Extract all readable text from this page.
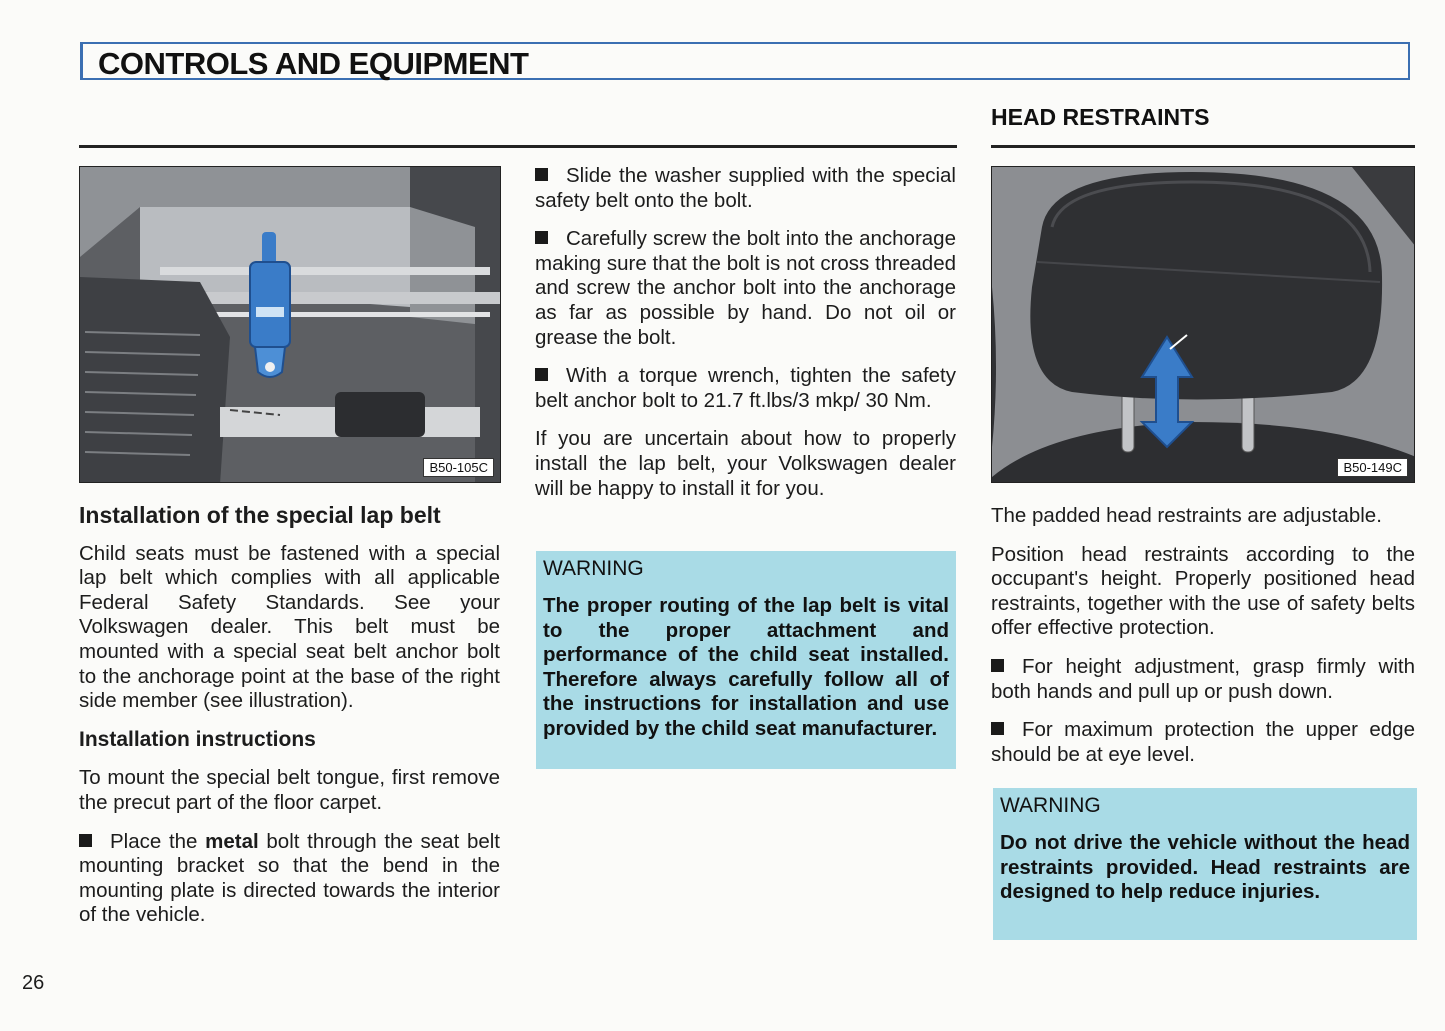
CONTROLS AND EQUIPMENT
HEAD RESTRAINTS
B50-105C	B50-149C

Installation of the special lap belt

Child seats must be fastened with a special lap belt which complies with all applicable Federal Safety Standards. See your Volkswagen dealer. This belt must be mounted with a special seat belt anchor bolt to the anchorage point at the base of the right side member (see illustration).

Installation instructions

To mount the special belt tongue, first remove the precut part of the floor carpet.

Place the metal bolt through the seat belt mounting bracket so that the bend in the mounting plate is directed towards the interior of the vehicle.

Slide the washer supplied with the special safety belt onto the bolt.

Carefully screw the bolt into the anchorage making sure that the bolt is not cross threaded and screw the anchor bolt into the anchorage as far as possible by hand. Do not oil or grease the bolt.

With a torque wrench, tighten the safety belt anchor bolt to 21.7 ft.lbs/3 mkp/ 30 Nm.

If you are uncertain about how to properly install the lap belt, your Volkswagen dealer will be happy to install it for you.

WARNING
The proper routing of the lap belt is vital to the proper attachment and performance of the child seat installed. Therefore always carefully follow all of the instructions for installation and use provided by the child seat manufacturer.

The padded head restraints are adjustable.

Position head restraints according to the occupant's height. Properly positioned head restraints, together with the use of safety belts offer effective protection.

For height adjustment, grasp firmly with both hands and pull up or push down.

For maximum protection the upper edge should be at eye level.

WARNING
Do not drive the vehicle without the head restraints provided. Head restraints are designed to help reduce injuries.
26
